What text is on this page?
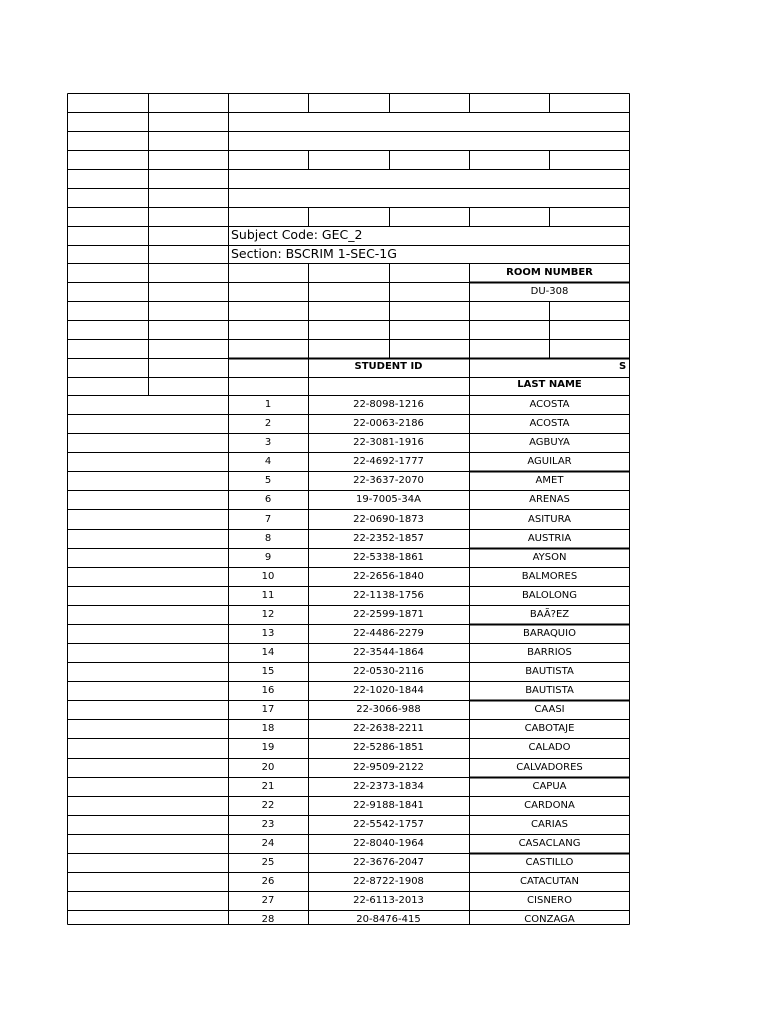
Subject Code: GEC_2
Section: BSCRIM 1-SEC-1G
ROOM NUMBER
DU-308
STUDENT ID
LAST NAME
S
1	22-8098-1216	ACOSTA
2	22-0063-2186	ACOSTA
3	22-3081-1916	AGBUYA
4	22-4692-1777	AGUILAR
5	22-3637-2070	AMET
6	19-7005-34A	ARENAS
7	22-0690-1873	ASITURA
8	22-2352-1857	AUSTRIA
9	22-5338-1861	AYSON
10	22-2656-1840	BALMORES
11	22-1138-1756	BALOLONG
12	22-2599-1871	BAÃ?EZ
13	22-4486-2279	BARAQUIO
14	22-3544-1864	BARRIOS
15	22-0530-2116	BAUTISTA
16	22-1020-1844	BAUTISTA
17	22-3066-988	CAASI
18	22-2638-2211	CABOTAJE
19	22-5286-1851	CALADO
20	22-9509-2122	CALVADORES
21	22-2373-1834	CAPUA
22	22-9188-1841	CARDONA
23	22-5542-1757	CARIAS
24	22-8040-1964	CASACLANG
25	22-3676-2047	CASTILLO
26	22-8722-1908	CATACUTAN
27	22-6113-2013	CISNERO
28	20-8476-415	CONZAGA
